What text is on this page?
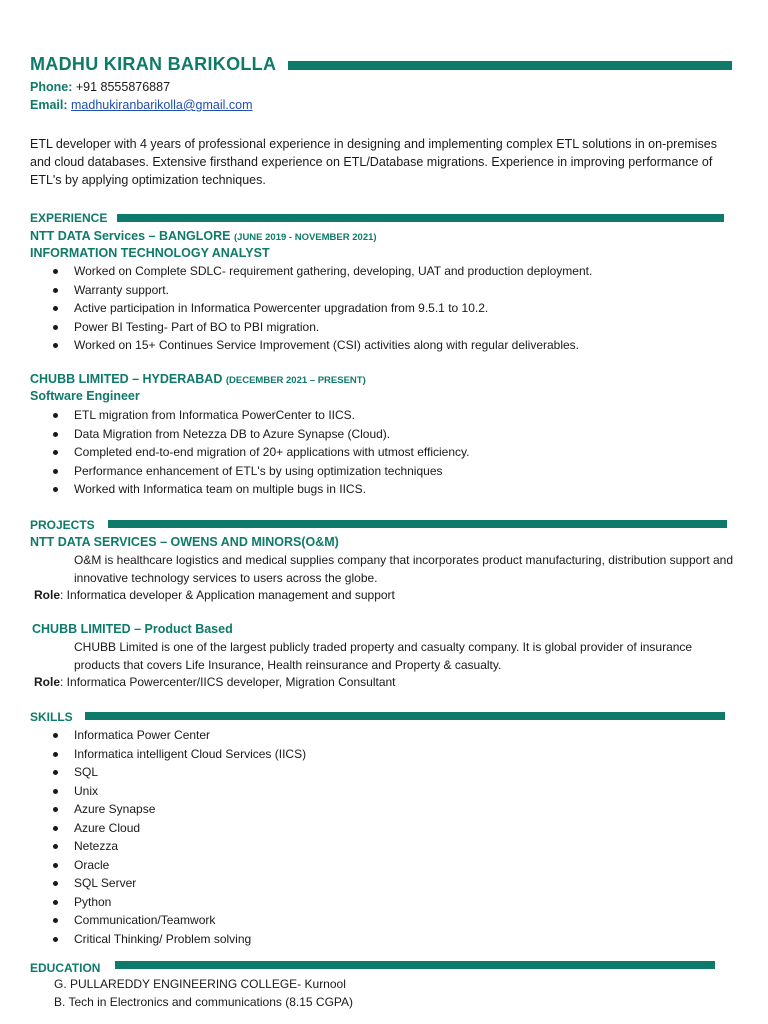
MADHU KIRAN BARIKOLLA
Phone: +91 8555876887
Email: madhukiranbarikolla@gmail.com
ETL developer with 4 years of professional experience in designing and implementing complex ETL solutions in on-premises and cloud databases. Extensive firsthand experience on ETL/Database migrations. Experience in improving performance of ETL's by applying optimization techniques.
EXPERIENCE
NTT DATA Services – BANGLORE (JUNE 2019 - NOVEMBER 2021)
INFORMATION TECHNOLOGY ANALYST
Worked on Complete SDLC- requirement gathering, developing, UAT and production deployment.
Warranty support.
Active participation in Informatica Powercenter upgradation from 9.5.1 to 10.2.
Power BI Testing- Part of BO to PBI migration.
Worked on 15+ Continues Service Improvement (CSI) activities along with regular deliverables.
CHUBB LIMITED – HYDERABAD (DECEMBER 2021 – PRESENT)
Software Engineer
ETL migration from Informatica PowerCenter to IICS.
Data Migration from Netezza DB to Azure Synapse (Cloud).
Completed end-to-end migration of 20+ applications with utmost efficiency.
Performance enhancement of ETL's by using optimization techniques
Worked with Informatica team on multiple bugs in IICS.
PROJECTS
NTT DATA SERVICES – OWENS AND MINORS(O&M)
O&M is healthcare logistics and medical supplies company that incorporates product manufacturing, distribution support and innovative technology services to users across the globe.
Role: Informatica developer & Application management and support
CHUBB LIMITED – Product Based
CHUBB Limited is one of the largest publicly traded property and casualty company. It is global provider of insurance products that covers Life Insurance, Health reinsurance and Property & casualty.
Role: Informatica Powercenter/IICS developer, Migration Consultant
SKILLS
Informatica Power Center
Informatica intelligent Cloud Services (IICS)
SQL
Unix
Azure Synapse
Azure Cloud
Netezza
Oracle
SQL Server
Python
Communication/Teamwork
Critical Thinking/ Problem solving
EDUCATION
G. PULLAREDDY ENGINEERING COLLEGE- Kurnool
B. Tech in Electronics and communications (8.15 CGPA)
